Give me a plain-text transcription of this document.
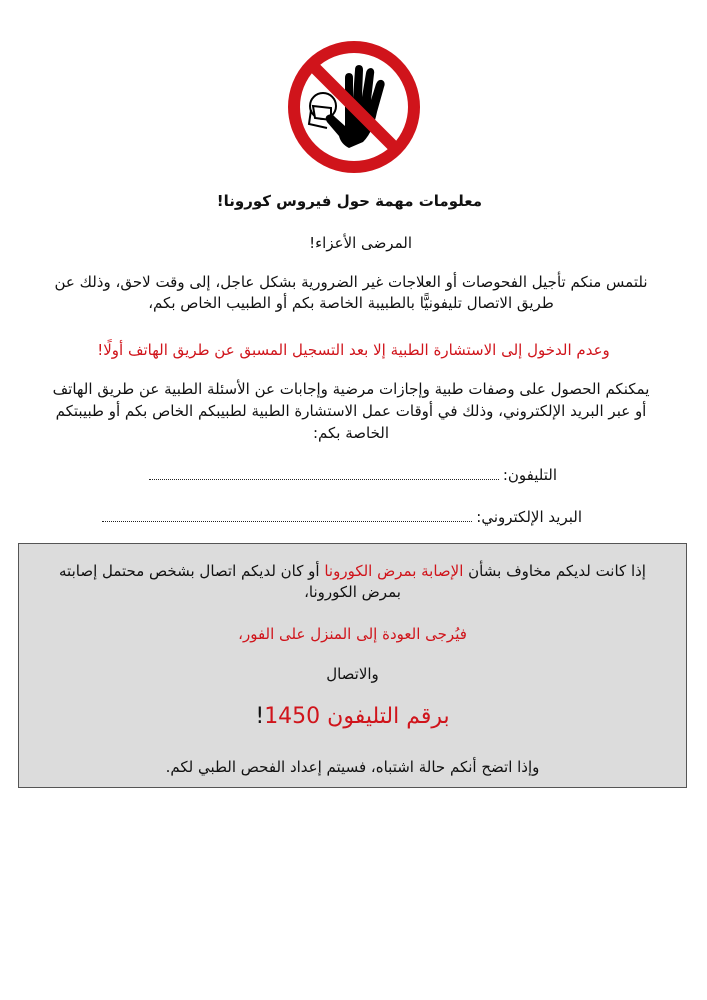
معلومات مهمة حول فيروس كورونا!
المرضى الأعزاء!
نلتمس منكم تأجيل الفحوصات أو العلاجات غير الضرورية بشكل عاجل، إلى وقت لاحق، وذلك عن طريق الاتصال تليفونيًّا بالطبيبة الخاصة بكم أو الطبيب الخاص بكم،
وعدم الدخول إلى الاستشارة الطبية إلا بعد التسجيل المسبق عن طريق الهاتف أولًا!
يمكنكم الحصول على وصفات طبية وإجازات مرضية وإجابات عن الأسئلة الطبية عن طريق الهاتف أو عبر البريد الإلكتروني، وذلك في أوقات عمل الاستشارة الطبية لطبيبكم الخاص بكم أو طبيبتكم الخاصة بكم:
التليفون:
البريد الإلكتروني:
إذا كانت لديكم مخاوف بشأن الإصابة بمرض الكورونا أو كان لديكم اتصال بشخص محتمل إصابته بمرض الكورونا،
فيُرجى العودة إلى المنزل على الفور،
والاتصال
برقم التليفون 1450!
وإذا اتضح أنكم حالة اشتباه، فسيتم إعداد الفحص الطبي لكم.
